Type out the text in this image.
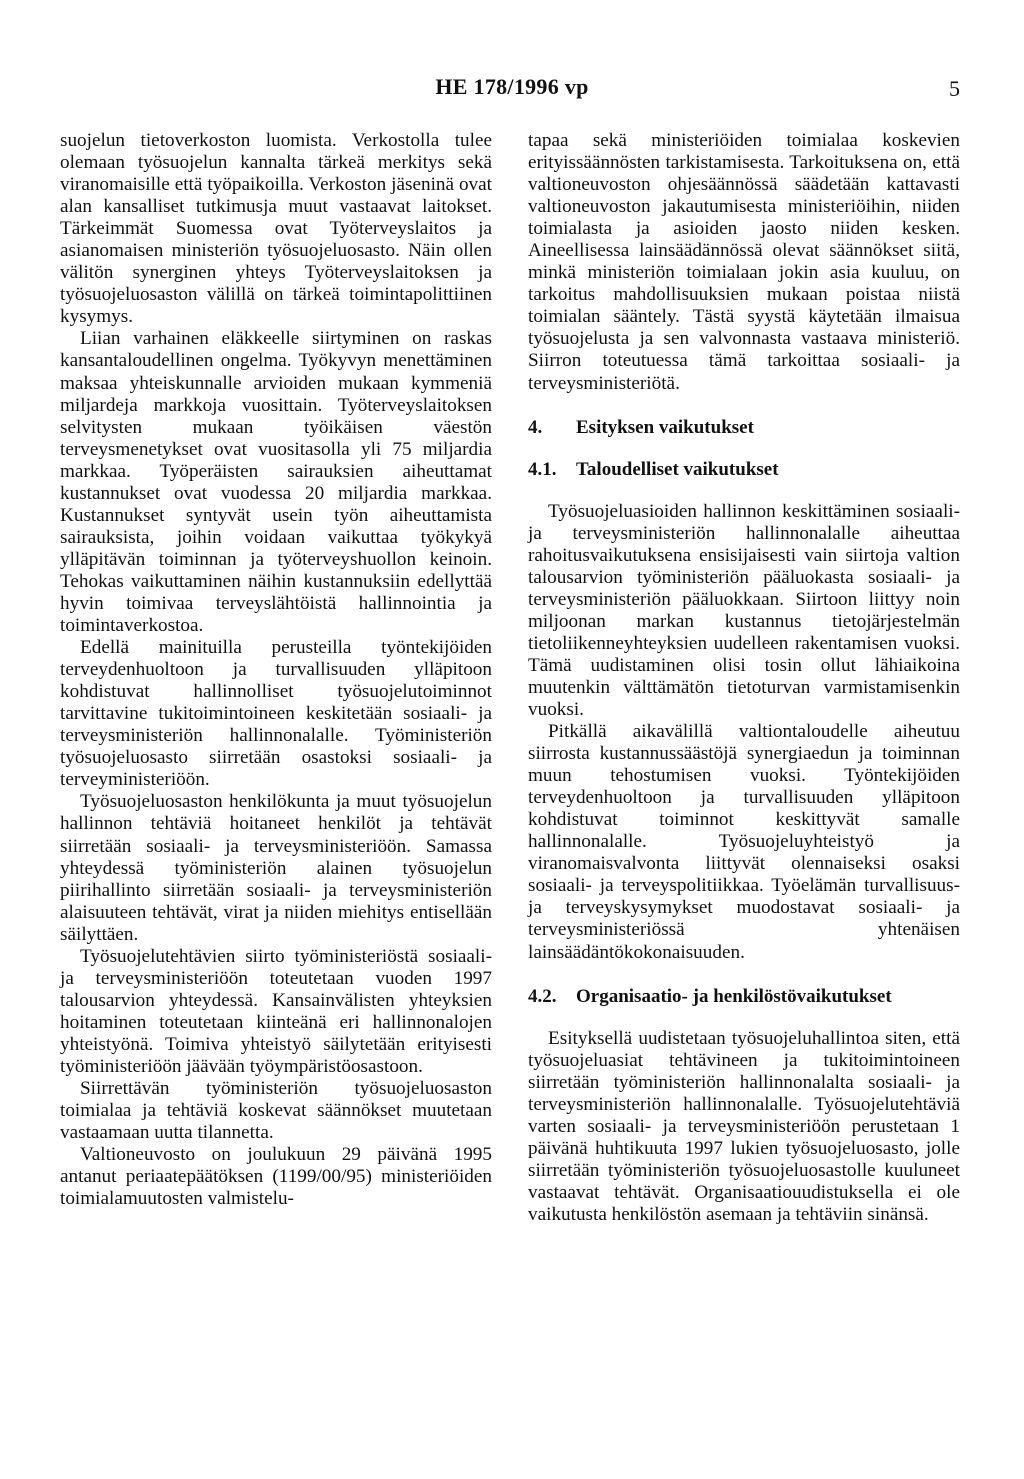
HE 178/1996 vp	5

suojelun tietoverkoston luomista. Verkostolla tulee olemaan työsuojelun kannalta tärkeä merkitys sekä viranomaisille että työpaikoilla. Verkoston jäseninä ovat alan kansalliset tutkimusja muut vastaavat laitokset. Tärkeimmät Suomessa ovat Työterveyslaitos ja asianomaisen ministeriön työsuojeluosasto. Näin ollen välitön synerginen yhteys Työterveyslaitoksen ja työsuojeluosaston välillä on tärkeä toimintapolittiinen kysymys.

Liian varhainen eläkkeelle siirtyminen on raskas kansantaloudellinen ongelma. Työkyvyn menettäminen maksaa yhteiskunnalle arvioiden mukaan kymmeniä miljardeja markkoja vuosittain. Työterveyslaitoksen selvitysten mukaan työikäisen väestön terveysmenetykset ovat vuositasolla yli 75 miljardia markkaa. Työperäisten sairauksien aiheuttamat kustannukset ovat vuodessa 20 miljardia markkaa. Kustannukset syntyvät usein työn aiheuttamista sairauksista, joihin voidaan vaikuttaa työkykyä ylläpitävän toiminnan ja työterveyshuollon keinoin. Tehokas vaikuttaminen näihin kustannuksiin edellyttää hyvin toimivaa terveyslähtöistä hallinnointia ja toimintaverkostoa.

Edellä mainituilla perusteilla työntekijöiden terveydenhuoltoon ja turvallisuuden ylläpitoon kohdistuvat hallinnolliset työsuojelutoiminnot tarvittavine tukitoimintoineen keskitetään sosiaali- ja terveysministeriön hallinnonalalle. Työministeriön työsuojeluosasto siirretään osastoksi sosiaali- ja terveyministeriöön.

Työsuojeluosaston henkilökunta ja muut työsuojelun hallinnon tehtäviä hoitaneet henkilöt ja tehtävät siirretään sosiaali- ja terveysministeriöön. Samassa yhteydessä työministeriön alainen työsuojelun piirihallinto siirretään sosiaali- ja terveysministeriön alaisuuteen tehtävät, virat ja niiden miehitys entisellään säilyttäen.

Työsuojelutehtävien siirto työministeriöstä sosiaali- ja terveysministeriöön toteutetaan vuoden 1997 talousarvion yhteydessä. Kansainvälisten yhteyksien hoitaminen toteutetaan kiinteänä eri hallinnonalojen yhteistyönä. Toimiva yhteistyö säilytetään erityisesti työministeriöön jäävään työympäristöosastoon.

Siirrettävän työministeriön työsuojeluosaston toimialaa ja tehtäviä koskevat säännökset muutetaan vastaamaan uutta tilannetta.

Valtioneuvosto on joulukuun 29 päivänä 1995 antanut periaatepäätöksen (1199/00/95) ministeriöiden toimialamuutosten valmistelu-

tapaa sekä ministeriöiden toimialaa koskevien erityissäännösten tarkistamisesta. Tarkoituksena on, että valtioneuvoston ohjesäännössä säädetään kattavasti valtioneuvoston jakautumisesta ministeriöihin, niiden toimialasta ja asioiden jaosto niiden kesken. Aineellisessa lainsäädännössä olevat säännökset siitä, minkä ministeriön toimialaan jokin asia kuuluu, on tarkoitus mahdollisuuksien mukaan poistaa niistä toimialan sääntely. Tästä syystä käytetään ilmaisua työsuojelusta ja sen valvonnasta vastaava ministeriö. Siirron toteutuessa tämä tarkoittaa sosiaali- ja terveysministeriötä.

4.	Esityksen vaikutukset
4.1.	Taloudelliset vaikutukset

Työsuojeluasioiden hallinnon keskittäminen sosiaali- ja terveysministeriön hallinnonalalle aiheuttaa rahoitusvaikutuksena ensisijaisesti vain siirtoja valtion talousarvion työministeriön pääluokasta sosiaali- ja terveysministeriön pääluokkaan. Siirtoon liittyy noin miljoonan markan kustannus tietojärjestelmän tietoliikenneyhteyksien uudelleen rakentamisen vuoksi. Tämä uudistaminen olisi tosin ollut lähiaikoina muutenkin välttämätön tietoturvan varmistamisenkin vuoksi.

Pitkällä aikavälillä valtiontaloudelle aiheutuu siirrosta kustannussäästöjä synergiaedun ja toiminnan muun tehostumisen vuoksi. Työntekijöiden terveydenhuoltoon ja turvallisuuden ylläpitoon kohdistuvat toiminnot keskittyvät samalle hallinnonalalle. Työsuojeluyhteistyö ja viranomaisvalvonta liittyvät olennaiseksi osaksi sosiaali- ja terveyspolitiikkaa. Työelämän turvallisuus- ja terveyskysymykset muodostavat sosiaali- ja terveysministeriössä yhtenäisen lainsäädäntökokonaisuuden.

4.2.	Organisaatio- ja henkilöstövaikutukset

Esityksellä uudistetaan työsuojeluhallintoa siten, että työsuojeluasiat tehtävineen ja tukitoimintoineen siirretään työministeriön hallinnonalalta sosiaali- ja terveysministeriön hallinnonalalle. Työsuojelutehtäviä varten sosiaali- ja terveysministeriöön perustetaan 1 päivänä huhtikuuta 1997 lukien työsuojeluosasto, jolle siirretään työministeriön työsuojeluosastolle kuuluneet vastaavat tehtävät. Organisaatiouudistuksella ei ole vaikutusta henkilöstön asemaan ja tehtäviin sinänsä.
